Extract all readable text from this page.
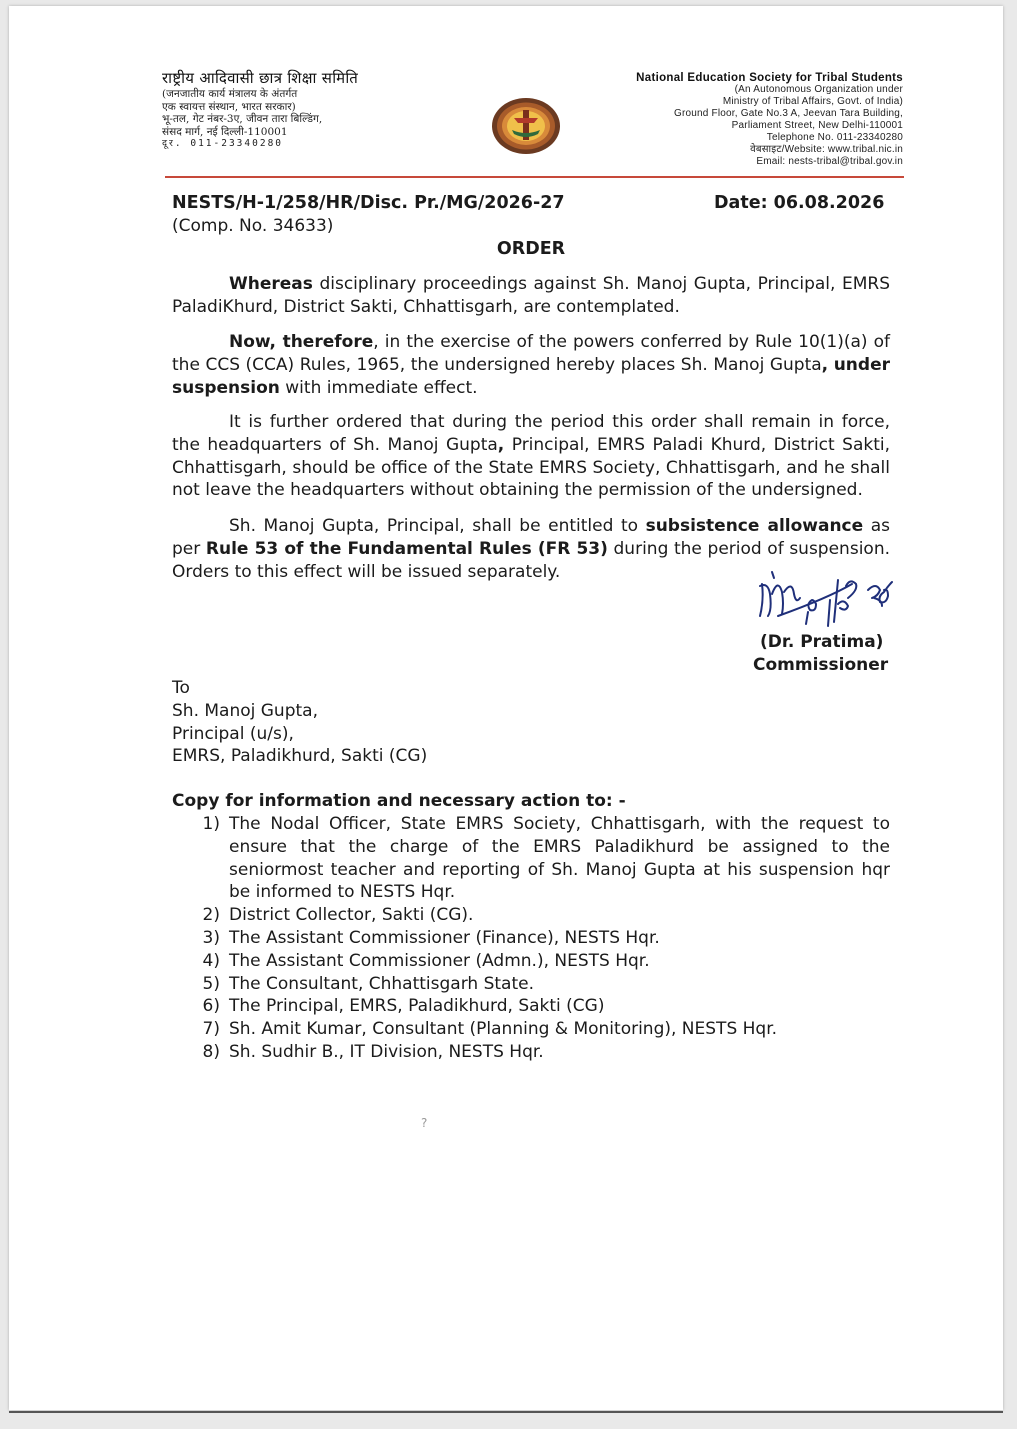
राष्ट्रीय आदिवासी छात्र शिक्षा समिति
(जनजातीय कार्य मंत्रालय के अंतर्गत
एक स्वायत्त संस्थान, भारत सरकार)
भू-तल, गेट नंबर-3ए, जीवन तारा बिल्डिंग,
संसद मार्ग, नई दिल्ली-110001
दूर. 011-23340280
National Education Society for Tribal Students
(An Autonomous Organization under
Ministry of Tribal Affairs, Govt. of India)
Ground Floor, Gate No.3 A, Jeevan Tara Building,
Parliament Street, New Delhi-110001
Telephone No. 011-23340280
वेबसाइट/Website: www.tribal.nic.in
Email: nests-tribal@tribal.gov.in
NESTS/H-1/258/HR/Disc. Pr./MG/2026-27	Date: 06.08.2026
(Comp. No. 34633)
ORDER
Whereas disciplinary proceedings against Sh. Manoj Gupta, Principal, EMRS PaladiKhurd, District Sakti, Chhattisgarh, are contemplated.
Now, therefore, in the exercise of the powers conferred by Rule 10(1)(a) of the CCS (CCA) Rules, 1965, the undersigned hereby places Sh. Manoj Gupta, under suspension with immediate effect.
It is further ordered that during the period this order shall remain in force, the headquarters of Sh. Manoj Gupta, Principal, EMRS Paladi Khurd, District Sakti, Chhattisgarh, should be office of the State EMRS Society, Chhattisgarh, and he shall not leave the headquarters without obtaining the permission of the undersigned.
Sh. Manoj Gupta, Principal, shall be entitled to subsistence allowance as per Rule 53 of the Fundamental Rules (FR 53) during the period of suspension. Orders to this effect will be issued separately.
(Dr. Pratima)
Commissioner
To
Sh. Manoj Gupta,
Principal (u/s),
EMRS, Paladikhurd, Sakti (CG)
Copy for information and necessary action to: -
1) The Nodal Officer, State EMRS Society, Chhattisgarh, with the request to ensure that the charge of the EMRS Paladikhurd be assigned to the seniormost teacher and reporting of Sh. Manoj Gupta at his suspension hqr be informed to NESTS Hqr.
2) District Collector, Sakti (CG).
3) The Assistant Commissioner (Finance), NESTS Hqr.
4) The Assistant Commissioner (Admn.), NESTS Hqr.
5) The Consultant, Chhattisgarh State.
6) The Principal, EMRS, Paladikhurd, Sakti (CG)
7) Sh. Amit Kumar, Consultant (Planning & Monitoring), NESTS Hqr.
8) Sh. Sudhir B., IT Division, NESTS Hqr.
?
